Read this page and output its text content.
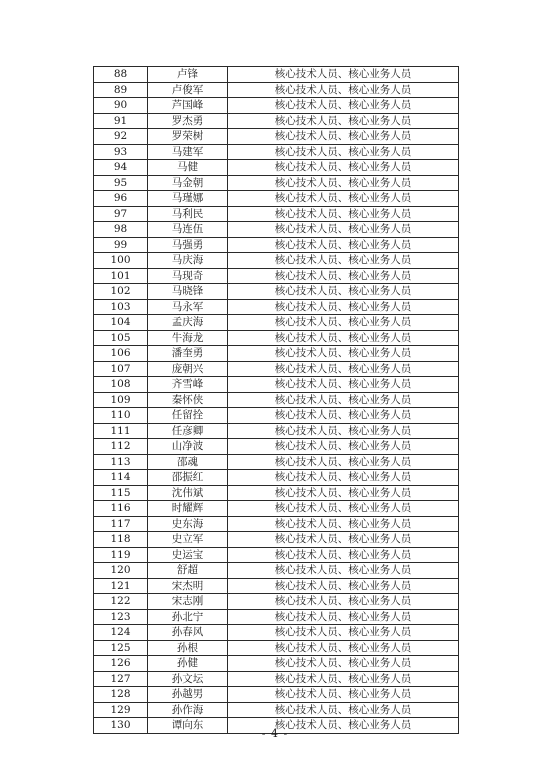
88	卢锋	核心技术人员、核心业务人员
89	卢俊军	核心技术人员、核心业务人员
90	芦国峰	核心技术人员、核心业务人员
91	罗杰勇	核心技术人员、核心业务人员
92	罗荣树	核心技术人员、核心业务人员
93	马建军	核心技术人员、核心业务人员
94	马健	核心技术人员、核心业务人员
95	马金朝	核心技术人员、核心业务人员
96	马瑾娜	核心技术人员、核心业务人员
97	马利民	核心技术人员、核心业务人员
98	马连伍	核心技术人员、核心业务人员
99	马强勇	核心技术人员、核心业务人员
100	马庆海	核心技术人员、核心业务人员
101	马现奇	核心技术人员、核心业务人员
102	马晓锋	核心技术人员、核心业务人员
103	马永军	核心技术人员、核心业务人员
104	孟庆海	核心技术人员、核心业务人员
105	牛海龙	核心技术人员、核心业务人员
106	潘奎勇	核心技术人员、核心业务人员
107	庞朝兴	核心技术人员、核心业务人员
108	齐雪峰	核心技术人员、核心业务人员
109	秦怀侠	核心技术人员、核心业务人员
110	任留拴	核心技术人员、核心业务人员
111	任彦卿	核心技术人员、核心业务人员
112	山净波	核心技术人员、核心业务人员
113	邵魂	核心技术人员、核心业务人员
114	邵振红	核心技术人员、核心业务人员
115	沈伟斌	核心技术人员、核心业务人员
116	时耀辉	核心技术人员、核心业务人员
117	史东海	核心技术人员、核心业务人员
118	史立军	核心技术人员、核心业务人员
119	史运宝	核心技术人员、核心业务人员
120	舒超	核心技术人员、核心业务人员
121	宋杰明	核心技术人员、核心业务人员
122	宋志刚	核心技术人员、核心业务人员
123	孙北宁	核心技术人员、核心业务人员
124	孙春风	核心技术人员、核心业务人员
125	孙根	核心技术人员、核心业务人员
126	孙健	核心技术人员、核心业务人员
127	孙文坛	核心技术人员、核心业务人员
128	孙越男	核心技术人员、核心业务人员
129	孙作海	核心技术人员、核心业务人员
130	谭向东	核心技术人员、核心业务人员
- 4 -
